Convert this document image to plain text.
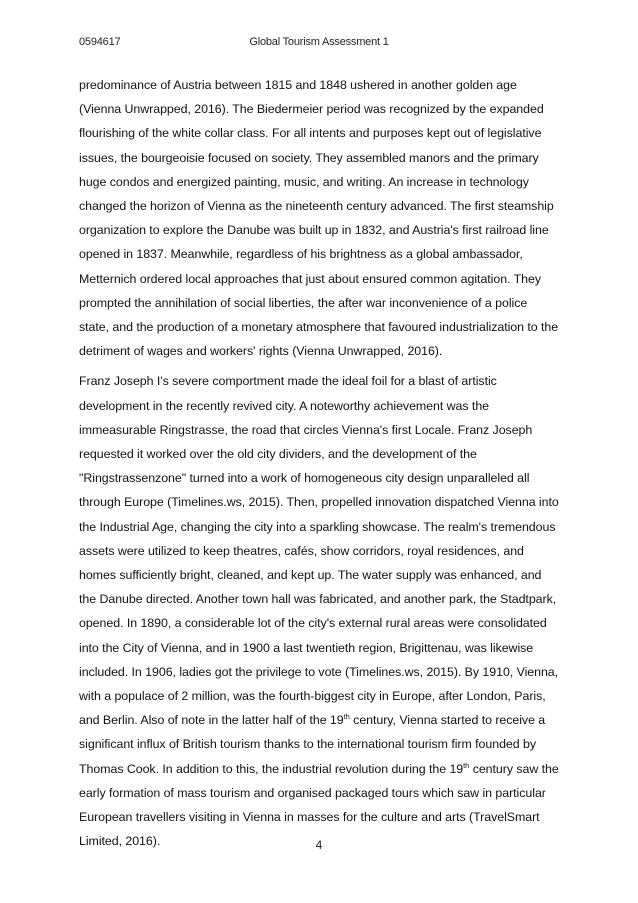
0594617	Global Tourism Assessment 1

predominance of Austria between 1815 and 1848 ushered in another golden age (Vienna Unwrapped, 2016). The Biedermeier period was recognized by the expanded flourishing of the white collar class. For all intents and purposes kept out of legislative issues, the bourgeoisie focused on society. They assembled manors and the primary huge condos and energized painting, music, and writing. An increase in technology changed the horizon of Vienna as the nineteenth century advanced. The first steamship organization to explore the Danube was built up in 1832, and Austria's first railroad line opened in 1837. Meanwhile, regardless of his brightness as a global ambassador, Metternich ordered local approaches that just about ensured common agitation. They prompted the annihilation of social liberties, the after war inconvenience of a police state, and the production of a monetary atmosphere that favoured industrialization to the detriment of wages and workers' rights (Vienna Unwrapped, 2016).

Franz Joseph I's severe comportment made the ideal foil for a blast of artistic development in the recently revived city. A noteworthy achievement was the immeasurable Ringstrasse, the road that circles Vienna's first Locale. Franz Joseph requested it worked over the old city dividers, and the development of the "Ringstrassenzone" turned into a work of homogeneous city design unparalleled all through Europe (Timelines.ws, 2015). Then, propelled innovation dispatched Vienna into the Industrial Age, changing the city into a sparkling showcase. The realm's tremendous assets were utilized to keep theatres, cafés, show corridors, royal residences, and homes sufficiently bright, cleaned, and kept up. The water supply was enhanced, and the Danube directed. Another town hall was fabricated, and another park, the Stadtpark, opened. In 1890, a considerable lot of the city's external rural areas were consolidated into the City of Vienna, and in 1900 a last twentieth region, Brigittenau, was likewise included. In 1906, ladies got the privilege to vote (Timelines.ws, 2015). By 1910, Vienna, with a populace of 2 million, was the fourth-biggest city in Europe, after London, Paris, and Berlin. Also of note in the latter half of the 19th century, Vienna started to receive a significant influx of British tourism thanks to the international tourism firm founded by Thomas Cook. In addition to this, the industrial revolution during the 19th century saw the early formation of mass tourism and organised packaged tours which saw in particular European travellers visiting in Vienna in masses for the culture and arts (TravelSmart Limited, 2016).	4
